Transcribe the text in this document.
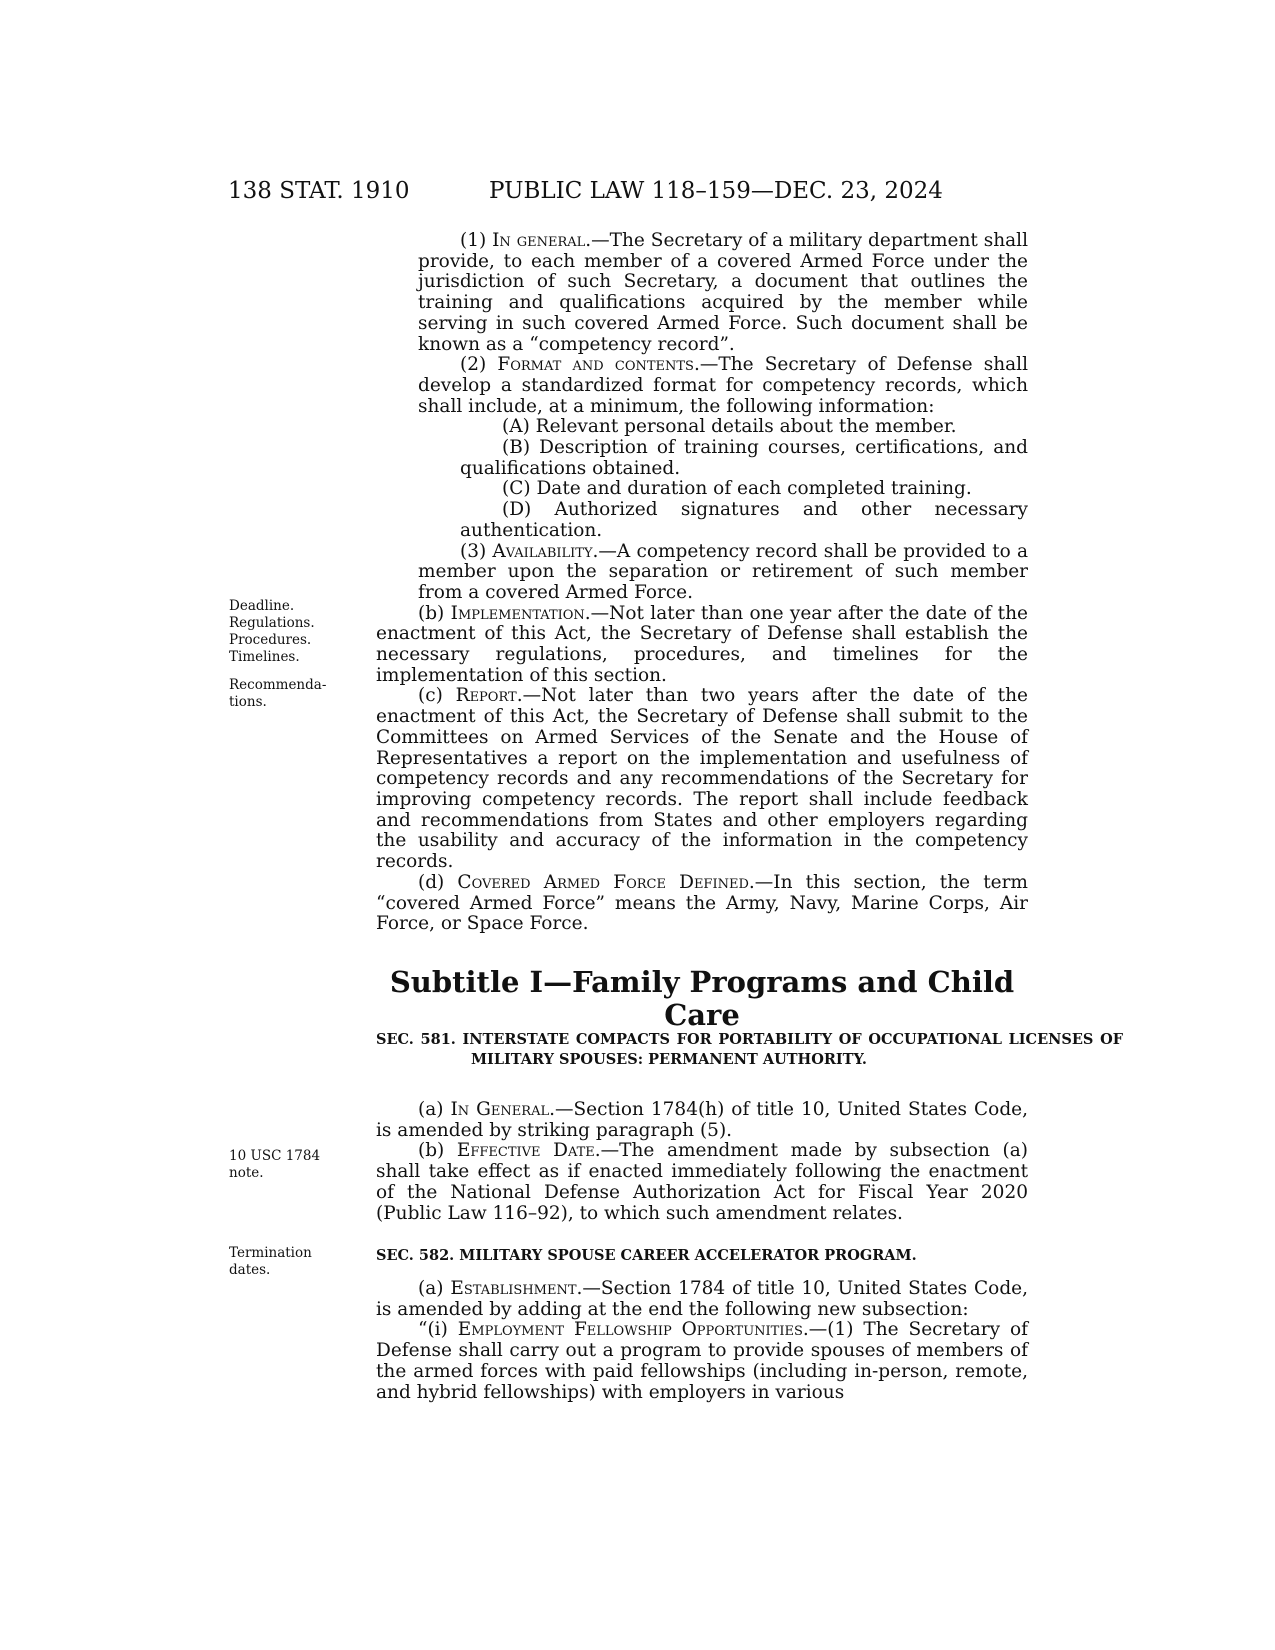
138 STAT. 1910	PUBLIC LAW 118–159—DEC. 23, 2024

(1) In general.—The Secretary of a military department shall provide, to each member of a covered Armed Force under the jurisdiction of such Secretary, a document that outlines the training and qualifications acquired by the member while serving in such covered Armed Force. Such document shall be known as a “competency record”.

(2) Format and contents.—The Secretary of Defense shall develop a standardized format for competency records, which shall include, at a minimum, the following information:

(A) Relevant personal details about the member.

(B) Description of training courses, certifications, and qualifications obtained.

(C) Date and duration of each completed training.

(D) Authorized signatures and other necessary authentication.

(3) Availability.—A competency record shall be provided to a member upon the separation or retirement of such member from a covered Armed Force.

(b) Implementation.—Not later than one year after the date of the enactment of this Act, the Secretary of Defense shall establish the necessary regulations, procedures, and timelines for the implementation of this section.

(c) Report.—Not later than two years after the date of the enactment of this Act, the Secretary of Defense shall submit to the Committees on Armed Services of the Senate and the House of Representatives a report on the implementation and usefulness of competency records and any recommendations of the Secretary for improving competency records. The report shall include feedback and recommendations from States and other employers regarding the usability and accuracy of the information in the competency records.

(d) Covered Armed Force Defined.—In this section, the term “covered Armed Force” means the Army, Navy, Marine Corps, Air Force, or Space Force.

Deadline.
Regulations.
Procedures.
Timelines.

Recommenda-
tions.

Subtitle I—Family Programs and Child Care

SEC. 581. INTERSTATE COMPACTS FOR PORTABILITY OF OCCUPATIONAL LICENSES OF MILITARY SPOUSES: PERMANENT AUTHORITY.

(a) In General.—Section 1784(h) of title 10, United States Code, is amended by striking paragraph (5).

(b) Effective Date.—The amendment made by subsection (a) shall take effect as if enacted immediately following the enactment of the National Defense Authorization Act for Fiscal Year 2020 (Public Law 116–92), to which such amendment relates.

10 USC 1784
note.

Termination
dates.

SEC. 582. MILITARY SPOUSE CAREER ACCELERATOR PROGRAM.

(a) Establishment.—Section 1784 of title 10, United States Code, is amended by adding at the end the following new subsection:

“(i) Employment Fellowship Opportunities.—(1) The Secretary of Defense shall carry out a program to provide spouses of members of the armed forces with paid fellowships (including in-person, remote, and hybrid fellowships) with employers in various
